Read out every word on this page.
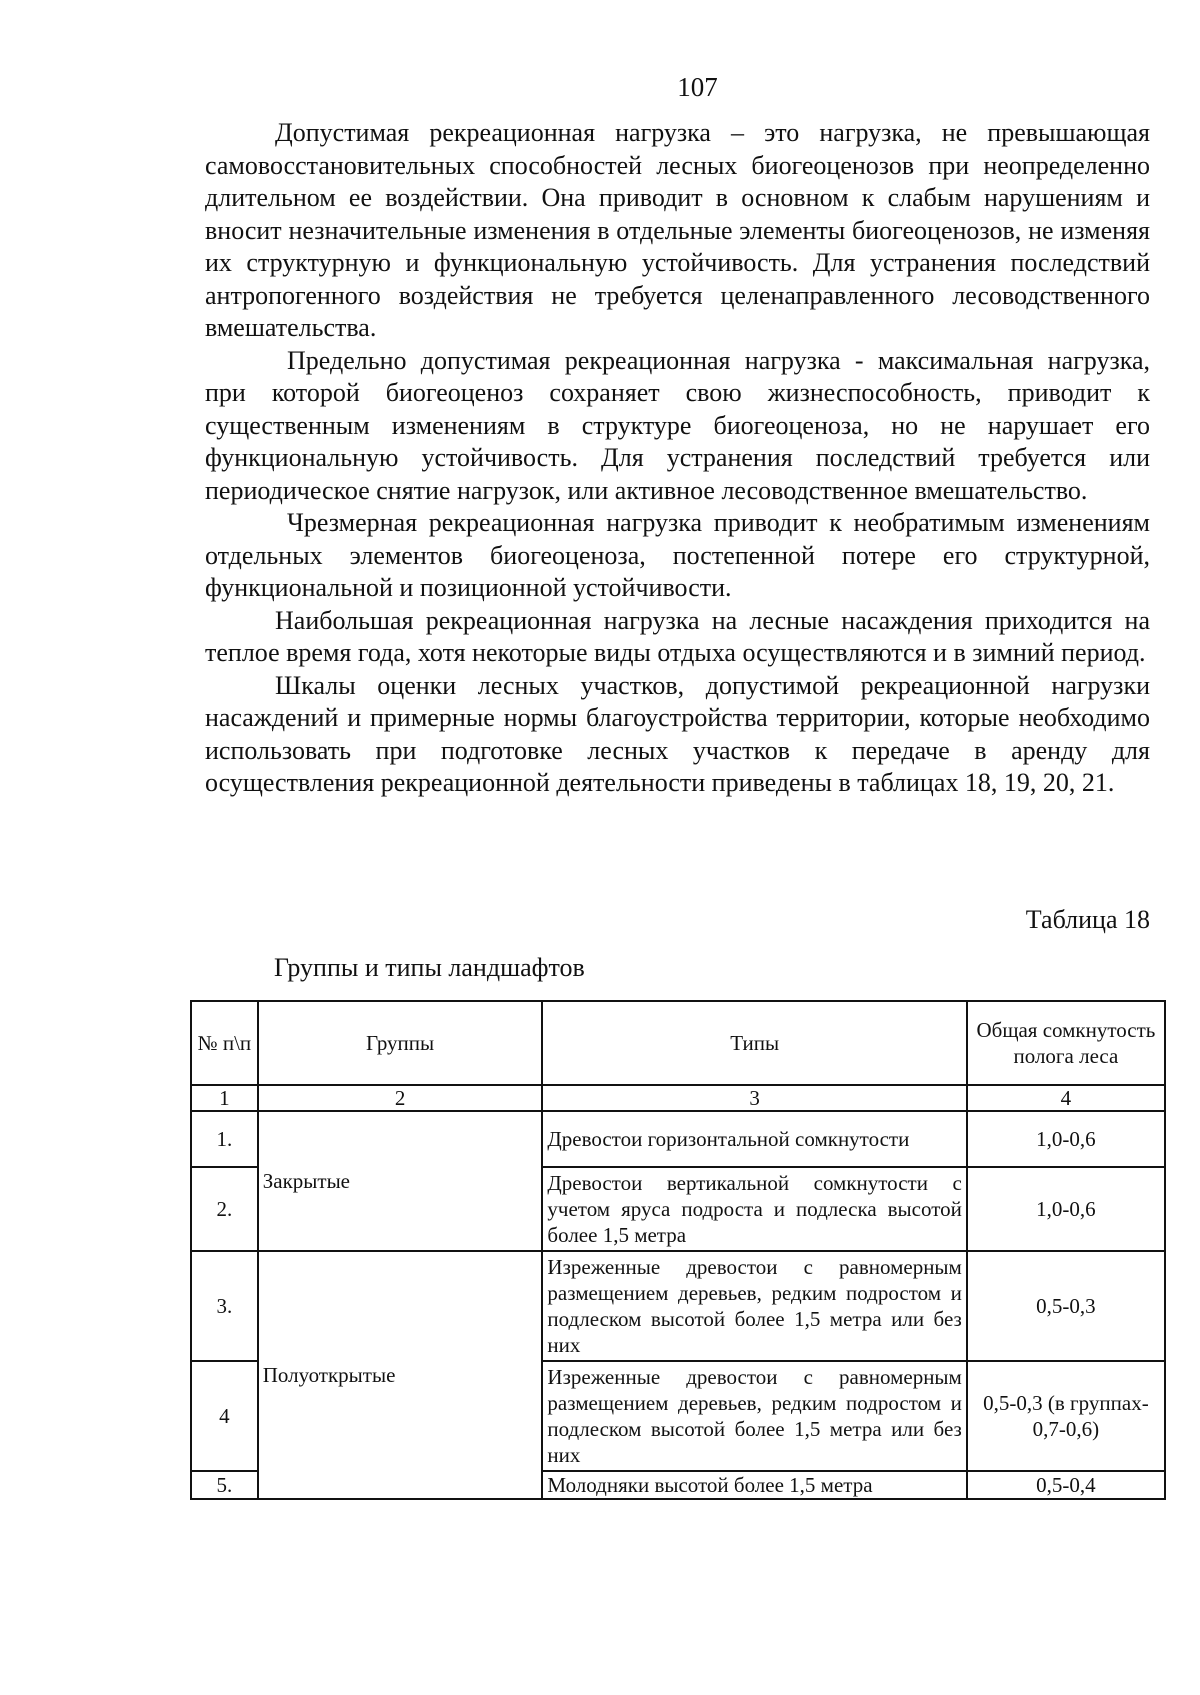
107

Допустимая рекреационная нагрузка – это нагрузка, не превышающая самовосстановительных способностей лесных биогеоценозов при неопределенно длительном ее воздействии. Она приводит в основном к слабым нарушениям и вносит незначительные изменения в отдельные элементы биогеоценозов, не изменяя их структурную и функциональную устойчивость. Для устранения последствий антропогенного воздействия не требуется целенаправленного лесоводственного вмешательства.

Предельно допустимая рекреационная нагрузка - максимальная нагрузка, при которой биогеоценоз сохраняет свою жизнеспособность, приводит к существенным изменениям в структуре биогеоценоза, но не нарушает его функциональную устойчивость. Для устранения последствий требуется или периодическое снятие нагрузок, или активное лесоводственное вмешательство.

Чрезмерная рекреационная нагрузка приводит к необратимым изменениям отдельных элементов биогеоценоза, постепенной потере его структурной, функциональной и позиционной устойчивости.

Наибольшая рекреационная нагрузка на лесные насаждения приходится на теплое время года, хотя некоторые виды отдыха осуществляются и в зимний период.

Шкалы оценки лесных участков, допустимой рекреационной нагрузки насаждений и примерные нормы благоустройства территории, которые необходимо использовать при подготовке лесных участков к передаче в аренду для осуществления рекреационной деятельности приведены в таблицах 18, 19, 20, 21.

Таблица 18
Группы и типы ландшафтов
№ п\п	Группы	Типы	Общая сомкнутость полога леса
1	2	3	4
1.	Закрытые	Древостои горизонтальной сомкнутости	1,0-0,6
2.		Древостои вертикальной сомкнутости с учетом яруса подроста и подлеска высотой более 1,5 метра	1,0-0,6
3.	Полуоткрытые	Изреженные древостои с равномерным размещением деревьев, редким подростом и подлеском высотой более 1,5 метра или без них	0,5-0,3
4		Изреженные древостои с равномерным размещением деревьев, редким подростом и подлеском высотой более 1,5 метра или без них	0,5-0,3 (в группах- 0,7-0,6)
5.		Молодняки высотой более 1,5 метра	0,5-0,4
